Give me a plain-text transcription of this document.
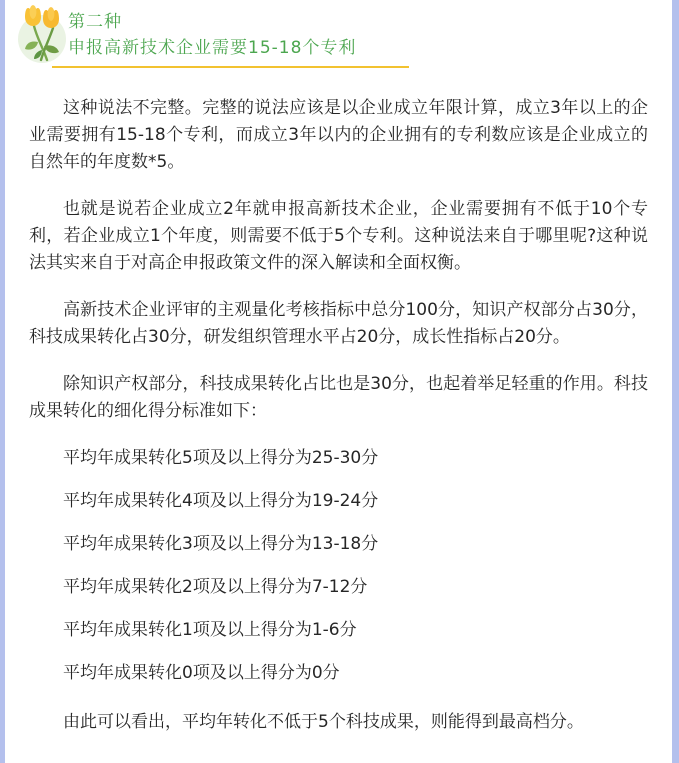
第二种
申报高新技术企业需要15-18个专利

这种说法不完整。完整的说法应该是以企业成立年限计算，成立3年以上的企业需要拥有15-18个专利，而成立3年以内的企业拥有的专利数应该是企业成立的自然年的年度数*5。

也就是说若企业成立2年就申报高新技术企业，企业需要拥有不低于10个专利，若企业成立1个年度，则需要不低于5个专利。这种说法来自于哪里呢?这种说法其实来自于对高企申报政策文件的深入解读和全面权衡。

高新技术企业评审的主观量化考核指标中总分100分，知识产权部分占30分，科技成果转化占30分，研发组织管理水平占20分，成长性指标占20分。

除知识产权部分，科技成果转化占比也是30分，也起着举足轻重的作用。科技成果转化的细化得分标准如下：

平均年成果转化5项及以上得分为25-30分

平均年成果转化4项及以上得分为19-24分

平均年成果转化3项及以上得分为13-18分

平均年成果转化2项及以上得分为7-12分

平均年成果转化1项及以上得分为1-6分

平均年成果转化0项及以上得分为0分

由此可以看出，平均年转化不低于5个科技成果，则能得到最高档分。
